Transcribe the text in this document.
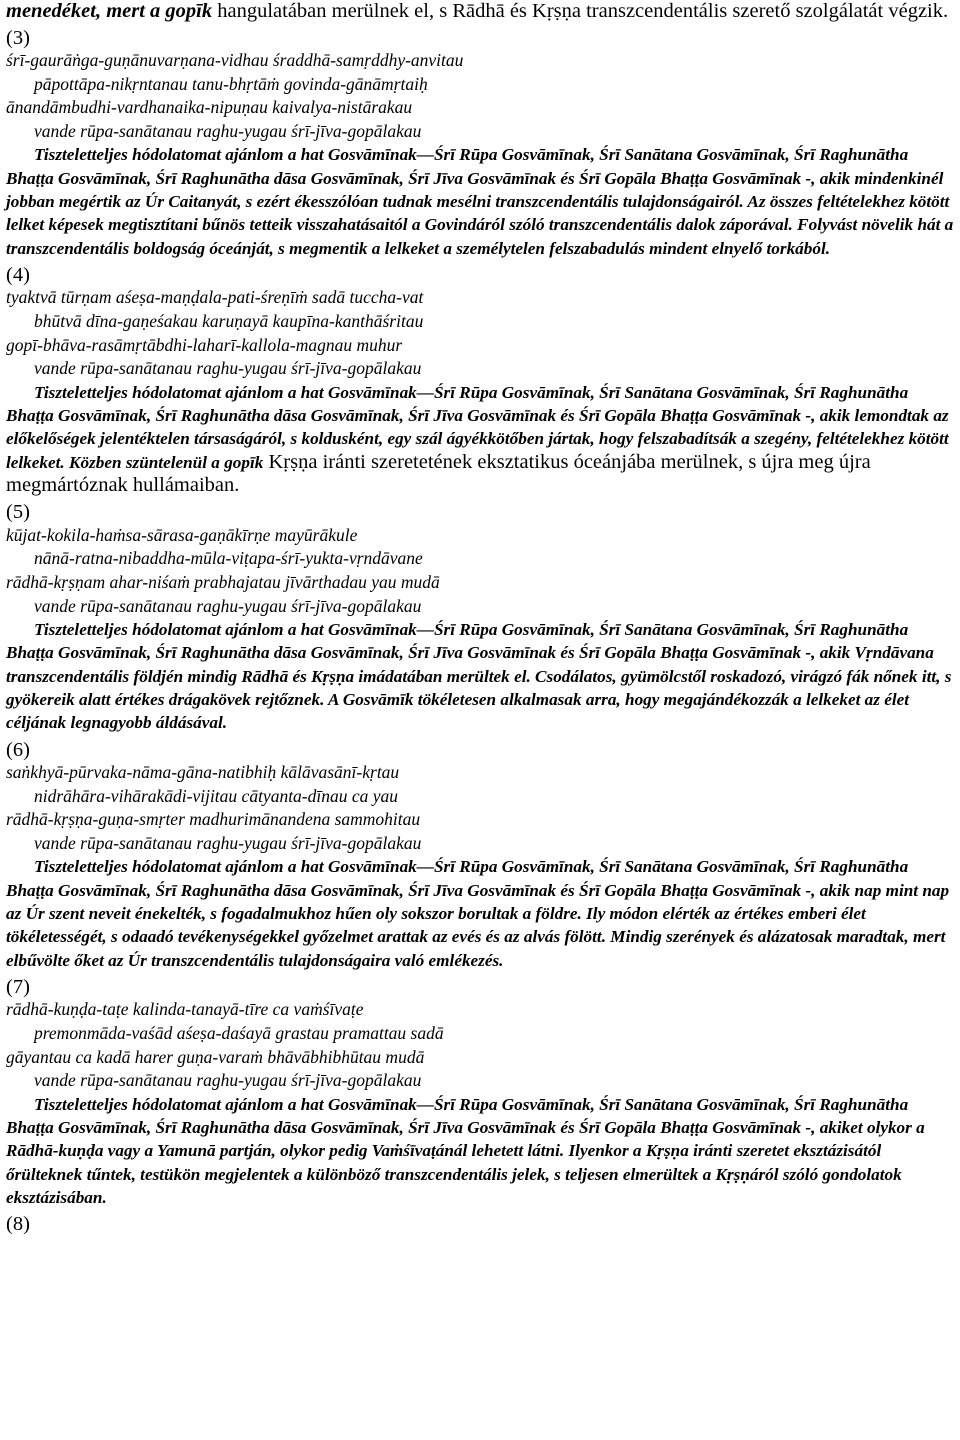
menedéket, mert a gopīk hangulatában merülnek el, s Rādhā és Kṛṣṇa transzcendentális szerető szolgálatát végzik.
(3)
śrī-gaurāṅga-guṇānuvarṇana-vidhau śraddhā-samṛddhy-anvitau
pāpottāpa-nikṛntanau tanu-bhṛtāṁ govinda-gānāmṛtaiḥ
ānandāmbudhi-vardhanaika-nipuṇau kaivalya-nistārakau
vande rūpa-sanātanau raghu-yugau śrī-jīva-gopālakau
Tiszteletteljes hódolatomat ajánlom a hat Gosvāmīnak—Śrī Rūpa Gosvāmīnak, Śrī Sanātana Gosvāmīnak, Śrī Raghunātha Bhaṭṭa Gosvāmīnak, Śrī Raghunātha dāsa Gosvāmīnak, Śrī Jīva Gosvāmīnak és Śrī Gopāla Bhaṭṭa Gosvāmīnak -, akik mindenkinél jobban megértik az Úr Caitanyát, s ezért ékesszólóan tudnak mesélni transzcendentális tulajdonságairól. Az összes feltételekhez kötött lelket képesek megtisztítani bűnös tetteik visszahatásaitól a Govindáról szóló transzcendentális dalok záporával. Folyvást növelik hát a transzcendentális boldogság óceánját, s megmentik a lelkeket a személytelen felszabadulás mindent elnyelő torkából.
(4)
tyaktvā tūrṇam aśeṣa-maṇḍala-pati-śreṇīṁ sadā tuccha-vat
bhūtvā dīna-gaṇeśakau karuṇayā kaupīna-kanthāśritau
gopī-bhāva-rasāmṛtābdhi-laharī-kallola-magnau muhur
vande rūpa-sanātanau raghu-yugau śrī-jīva-gopālakau
Tiszteletteljes hódolatomat ajánlom a hat Gosvāmīnak—Śrī Rūpa Gosvāmīnak, Śrī Sanātana Gosvāmīnak, Śrī Raghunātha Bhaṭṭa Gosvāmīnak, Śrī Raghunātha dāsa Gosvāmīnak, Śrī Jīva Gosvāmīnak és Śrī Gopāla Bhaṭṭa Gosvāmīnak -, akik lemondtak az előkelőségek jelentéktelen társaságáról, s koldusként, egy szál ágyékkötőben jártak, hogy felszabadítsák a szegény, feltételekhez kötött lelkeket. Közben szüntelenül a gopīk Kṛṣṇa iránti szeretetének eksztatikus óceánjába merülnek, s újra meg újra megmártóznak hullámaiban.
(5)
kūjat-kokila-haṁsa-sārasa-gaṇākīrṇe mayūrākule
nānā-ratna-nibaddha-mūla-viṭapa-śrī-yukta-vṛndāvane
rādhā-kṛṣṇam ahar-niśaṁ prabhajatau jīvārthadau yau mudā
vande rūpa-sanātanau raghu-yugau śrī-jīva-gopālakau
Tiszteletteljes hódolatomat ajánlom a hat Gosvāmīnak—Śrī Rūpa Gosvāmīnak, Śrī Sanātana Gosvāmīnak, Śrī Raghunātha Bhaṭṭa Gosvāmīnak, Śrī Raghunātha dāsa Gosvāmīnak, Śrī Jīva Gosvāmīnak és Śrī Gopāla Bhaṭṭa Gosvāmīnak -, akik Vṛndāvana transzcendentális földjén mindig Rādhā és Kṛṣṇa imádatában merültek el. Csodálatos, gyümölcstől roskadozó, virágzó fák nőnek itt, s gyökereik alatt értékes drágakövek rejtőznek. A Gosvāmīk tökéletesen alkalmasak arra, hogy megajándékozzák a lelkeket az élet céljának legnagyobb áldásával.
(6)
saṅkhyā-pūrvaka-nāma-gāna-natibhiḥ kālāvasānī-kṛtau
nidrāhāra-vihārakādi-vijitau cātyanta-dīnau ca yau
rādhā-kṛṣṇa-guṇa-smṛter madhurimānandena sammohitau
vande rūpa-sanātanau raghu-yugau śrī-jīva-gopālakau
Tiszteletteljes hódolatomat ajánlom a hat Gosvāmīnak—Śrī Rūpa Gosvāmīnak, Śrī Sanātana Gosvāmīnak, Śrī Raghunātha Bhaṭṭa Gosvāmīnak, Śrī Raghunātha dāsa Gosvāmīnak, Śrī Jīva Gosvāmīnak és Śrī Gopāla Bhaṭṭa Gosvāmīnak -, akik nap mint nap az Úr szent neveit énekelték, s fogadalmukhoz hűen oly sokszor borultak a földre. Ily módon elérték az értékes emberi élet tökéletességét, s odaadó tevékenységekkel győzelmet arattak az evés és az alvás fölött. Mindig szerények és alázatosak maradtak, mert elbűvölte őket az Úr transzcendentális tulajdonságaira való emlékezés.
(7)
rādhā-kuṇḍa-taṭe kalinda-tanayā-tīre ca vaṁśīvaṭe
premonmāda-vaśād aśeṣa-daśayā grastau pramattau sadā
gāyantau ca kadā harer guṇa-varaṁ bhāvābhibhūtau mudā
vande rūpa-sanātanau raghu-yugau śrī-jīva-gopālakau
Tiszteletteljes hódolatomat ajánlom a hat Gosvāmīnak—Śrī Rūpa Gosvāmīnak, Śrī Sanātana Gosvāmīnak, Śrī Raghunātha Bhaṭṭa Gosvāmīnak, Śrī Raghunātha dāsa Gosvāmīnak, Śrī Jīva Gosvāmīnak és Śrī Gopāla Bhaṭṭa Gosvāmīnak -, akiket olykor a Rādhā-kuṇḍa vagy a Yamunā partján, olykor pedig Vaṁśīvaṭánál lehetett látni. Ilyenkor a Kṛṣṇa iránti szeretet eksztázisától őrülteknek tűntek, testükön megjelentek a különböző transzcendentális jelek, s teljesen elmerültek a Kṛṣṇáról szóló gondolatok eksztázisában.
(8)
